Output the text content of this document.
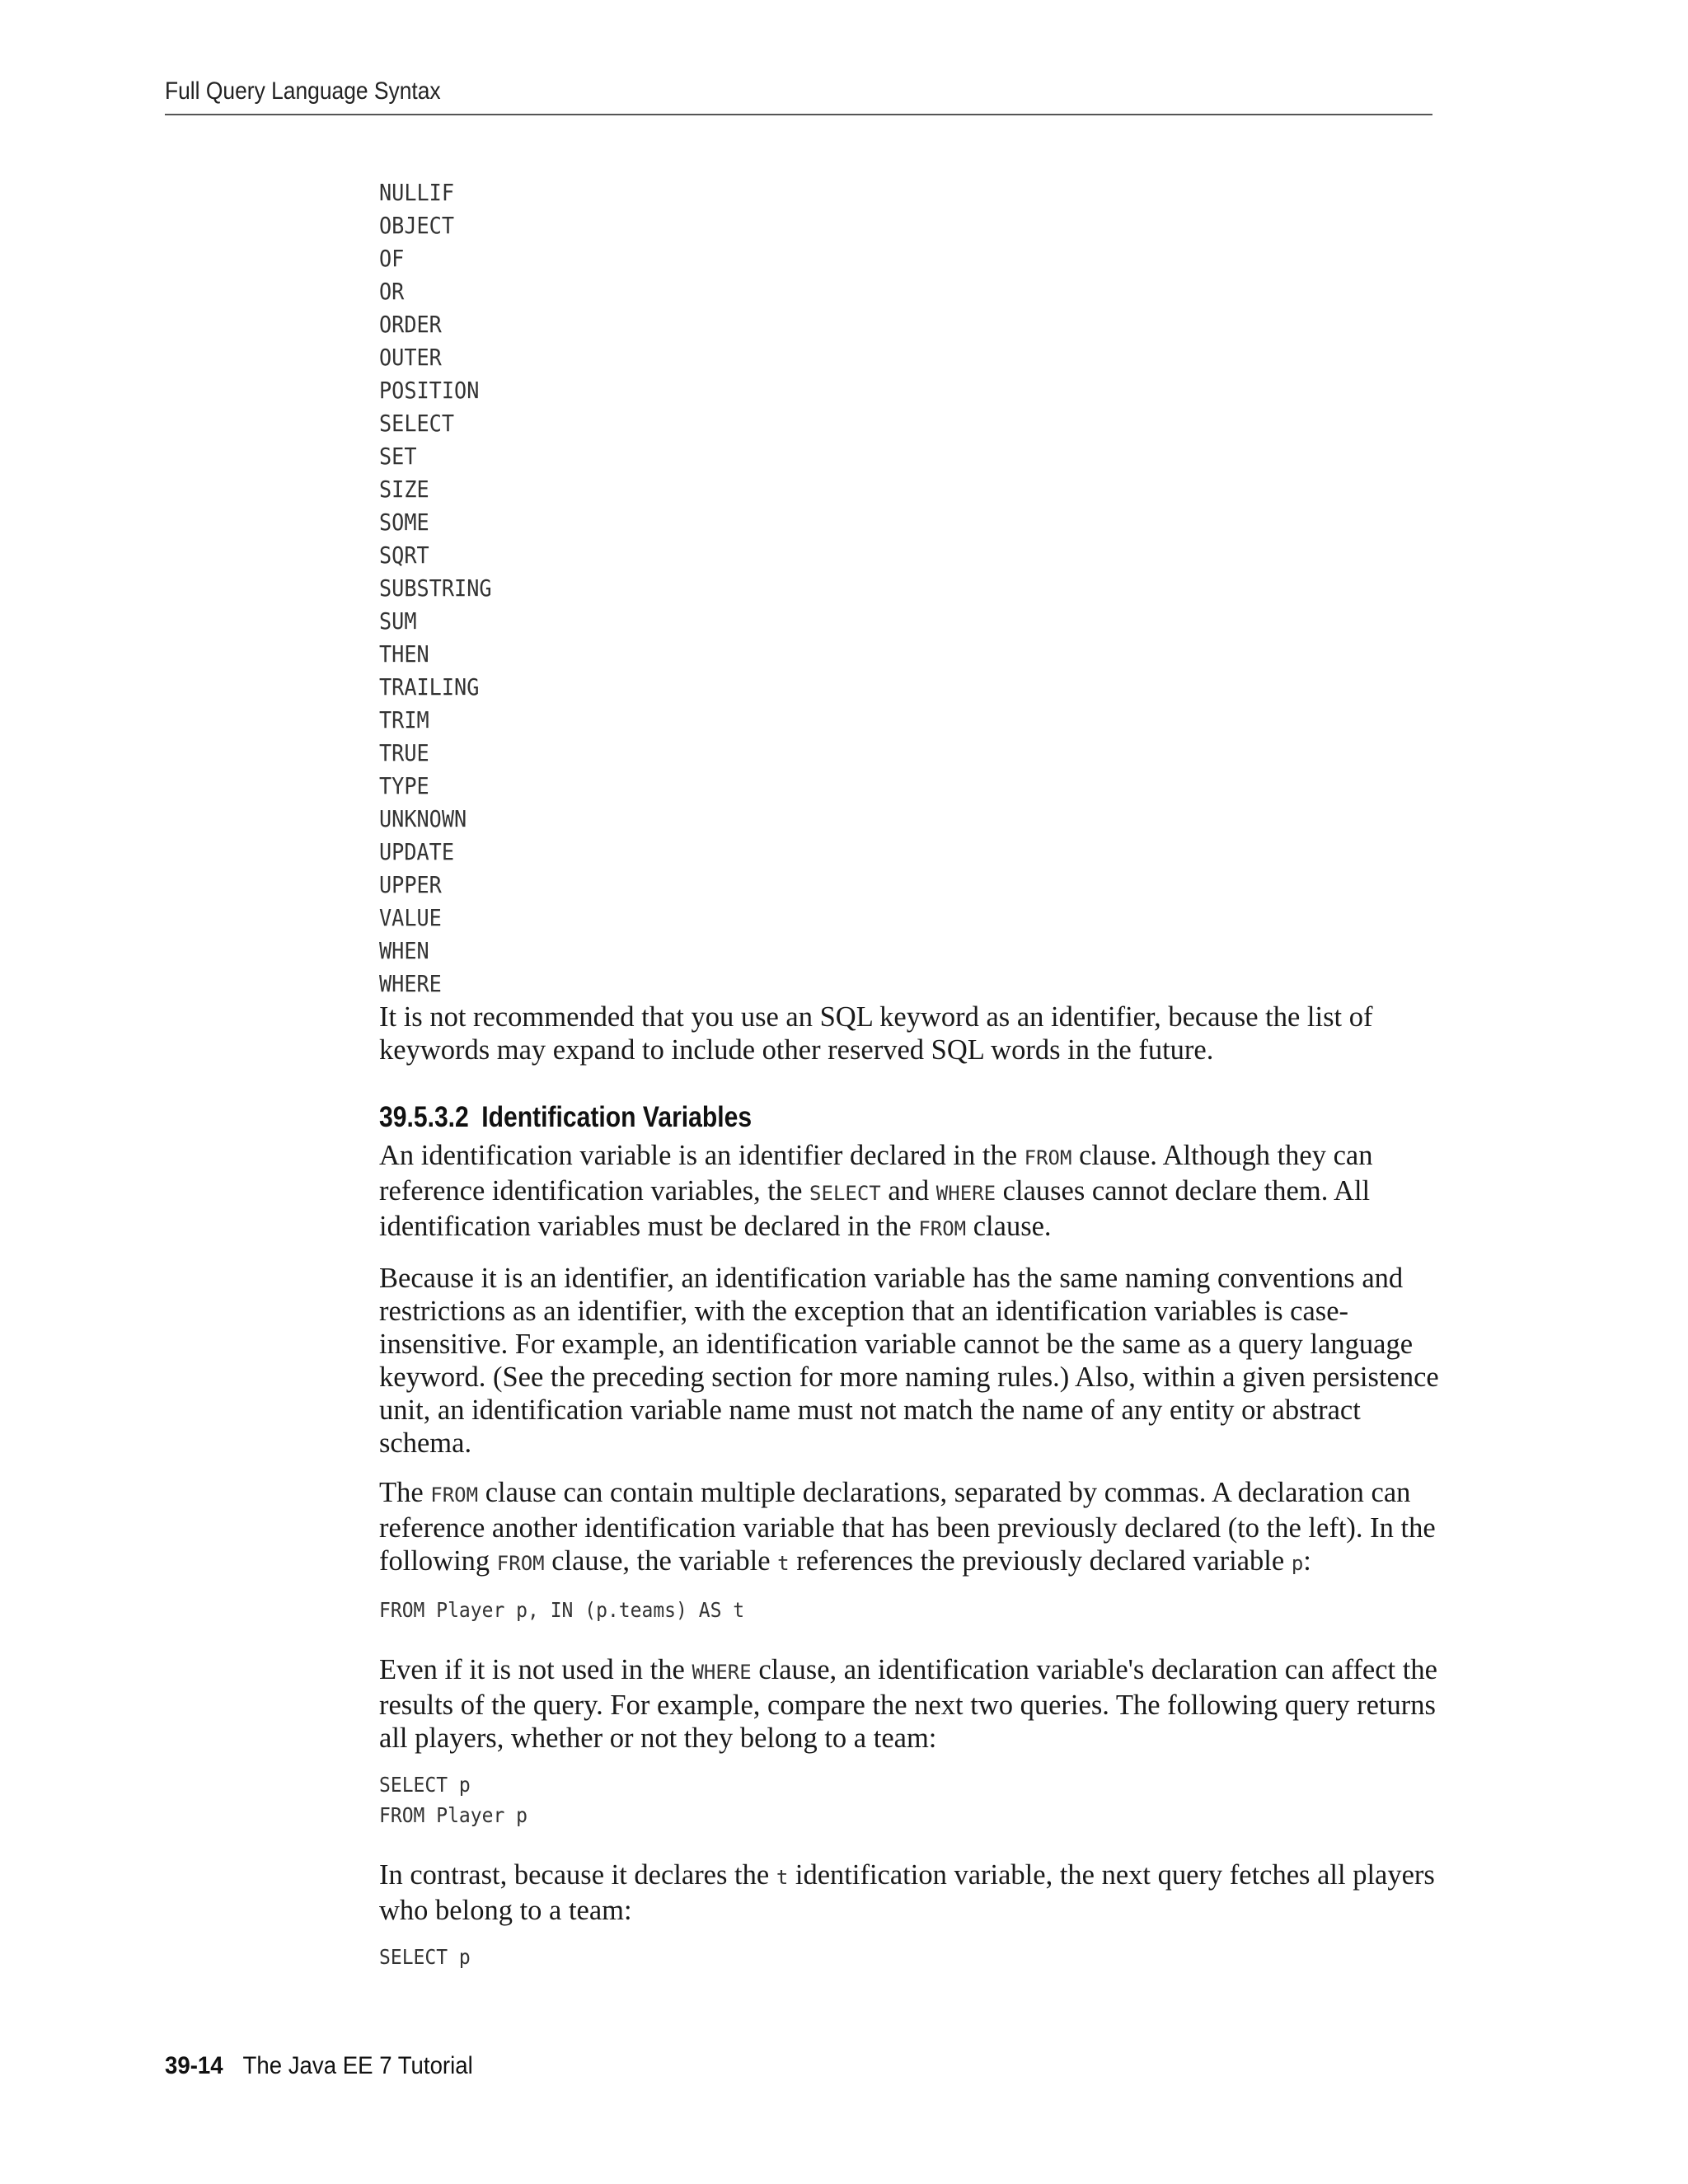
Full Query Language Syntax
NULLIF
OBJECT
OF
OR
ORDER
OUTER
POSITION
SELECT
SET
SIZE
SOME
SQRT
SUBSTRING
SUM
THEN
TRAILING
TRIM
TRUE
TYPE
UNKNOWN
UPDATE
UPPER
VALUE
WHEN
WHERE

It is not recommended that you use an SQL keyword as an identifier, because the list of keywords may expand to include other reserved SQL words in the future.

39.5.3.2 Identification Variables

An identification variable is an identifier declared in the FROM clause. Although they can reference identification variables, the SELECT and WHERE clauses cannot declare them. All identification variables must be declared in the FROM clause.

Because it is an identifier, an identification variable has the same naming conventions and restrictions as an identifier, with the exception that an identification variables is case-insensitive. For example, an identification variable cannot be the same as a query language keyword. (See the preceding section for more naming rules.) Also, within a given persistence unit, an identification variable name must not match the name of any entity or abstract schema.

The FROM clause can contain multiple declarations, separated by commas. A declaration can reference another identification variable that has been previously declared (to the left). In the following FROM clause, the variable t references the previously declared variable p:

FROM Player p, IN (p.teams) AS t

Even if it is not used in the WHERE clause, an identification variable's declaration can affect the results of the query. For example, compare the next two queries. The following query returns all players, whether or not they belong to a team:

SELECT p
FROM Player p

In contrast, because it declares the t identification variable, the next query fetches all players who belong to a team:

SELECT p
39-14 The Java EE 7 Tutorial
